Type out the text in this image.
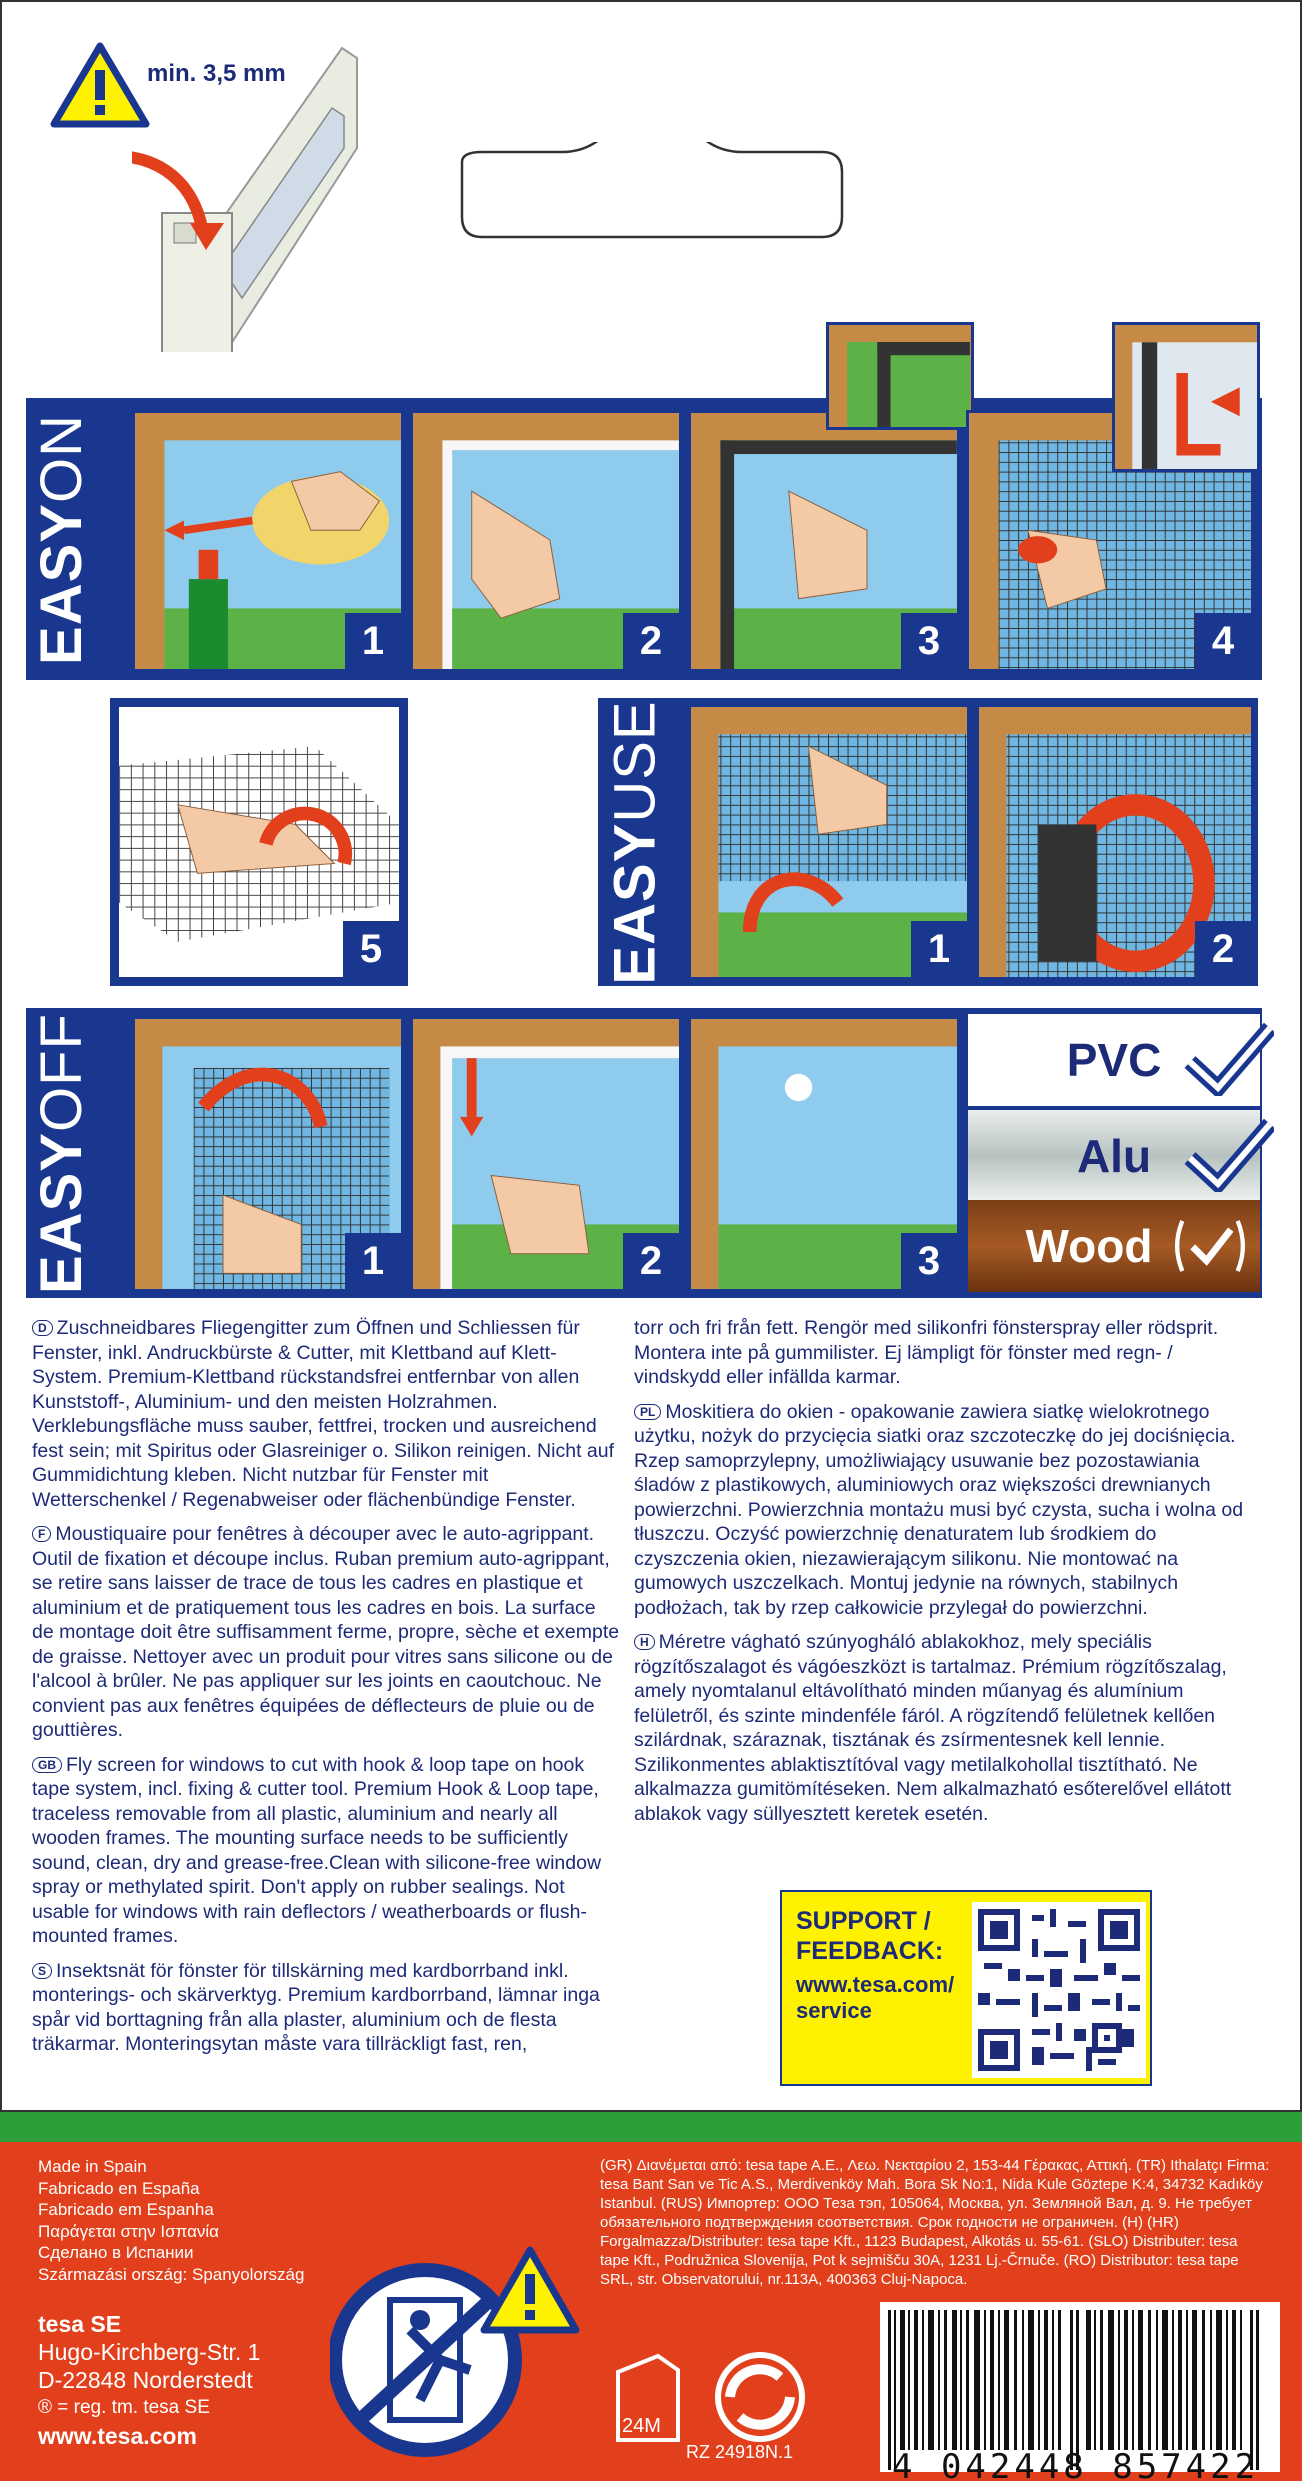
min. 3,5 mm
EASYON
1	2	3	4
5	EASYUSE
1	2
EASYOFF
1	2	3
PVC
Alu
Wood

D Zuschneidbares Fliegengitter zum Öffnen und Schliessen für Fenster, inkl. Andruckbürste & Cutter, mit Klettband auf Klett-System. Premium-Klettband rückstandsfrei entfernbar von allen Kunststoff-, Aluminium- und den meisten Holzrahmen. Verklebungsfläche muss sauber, fettfrei, trocken und ausreichend fest sein; mit Spiritus oder Glasreiniger o. Silikon reinigen. Nicht auf Gummidichtung kleben. Nicht nutzbar für Fenster mit Wetterschenkel / Regenabweiser oder flächenbündige Fenster.

F Moustiquaire pour fenêtres à découper avec le auto-agrippant. Outil de fixation et découpe inclus. Ruban premium auto-agrippant, se retire sans laisser de trace de tous les cadres en plastique et aluminium et de pratiquement tous les cadres en bois. La surface de montage doit être suffisamment ferme, propre, sèche et exempte de graisse. Nettoyer avec un produit pour vitres sans silicone ou de l'alcool à brûler. Ne pas appliquer sur les joints en caoutchouc. Ne convient pas aux fenêtres équipées de déflecteurs de pluie ou de gouttières.

GB Fly screen for windows to cut with hook & loop tape on hook tape system, incl. fixing & cutter tool. Premium Hook & Loop tape, traceless removable from all plastic, aluminium and nearly all wooden frames. The mounting surface needs to be sufficiently sound, clean, dry and grease-free.Clean with silicone-free window spray or methylated spirit. Don't apply on rubber sealings. Not usable for windows with rain deflectors / weatherboards or flush-mounted frames.

S Insektsnät för fönster för tillskärning med kardborrband inkl. monterings- och skärverktyg. Premium kardborrband, lämnar inga spår vid borttagning från alla plaster, aluminium och de flesta träkarmar. Monteringsytan måste vara tillräckligt fast, ren,

torr och fri från fett. Rengör med silikonfri fönsterspray eller rödsprit. Montera inte på gummilister. Ej lämpligt för fönster med regn- / vindskydd eller infällda karmar.

PL Moskitiera do okien - opakowanie zawiera siatkę wielokrotnego użytku, nożyk do przycięcia siatki oraz szczoteczkę do jej dociśnięcia. Rzep samoprzylepny, umożliwiający usuwanie bez pozostawiania śladów z plastikowych, aluminiowych oraz większości drewnianych powierzchni. Powierzchnia montażu musi być czysta, sucha i wolna od tłuszczu. Oczyść powierzchnię denaturatem lub środkiem do czyszczenia okien, niezawierającym silikonu. Nie montować na gumowych uszczelkach. Montuj jedynie na równych, stabilnych podłożach, tak by rzep całkowicie przylegał do powierzchni.

H Méretre vágható szúnyogháló ablakokhoz, mely speciális rögzítőszalagot és vágóeszközt is tartalmaz. Prémium rögzítőszalag, amely nyomtalanul eltávolítható minden műanyag és alumínium felületről, és szinte mindenféle fáról. A rögzítendő felületnek kellően szilárdnak, száraznak, tisztának és zsírmentesnek kell lennie. Szilikonmentes ablaktisztítóval vagy metilalkohollal tisztítható. Ne alkalmazza gumitömítéseken. Nem alkalmazható esőterelővel ellátott ablakok vagy süllyesztett keretek esetén.

SUPPORT /
FEEDBACK:
www.tesa.com/
service
Made in Spain
Fabricado en España
Fabricado em Espanha
Παράγεται στην Ισπανία
Сделано в Испании
Származási ország: Spanyolország
(GR) Διανέμεται από: tesa tape A.E., Λεω. Νεκταρίου 2, 153-44 Γέρακας, Αττική. (TR) Ithalatçı Firma: tesa Bant San ve Tic A.S., Merdivenköy Mah. Bora Sk No:1, Nida Kule Göztepe K:4, 34732 Kadıköy Istanbul. (RUS) Импортер: ООО Теза тэп, 105064, Москва, ул. Земляной Вал, д. 9. Не требует обязательного подтверждения соответствия. Срок годности не ограничен. (H) (HR) Forgalmazza/Distributer: tesa tape Kft., 1123 Budapest, Alkotás u. 55-61. (SLO) Distributer: tesa tape Kft., Podružnica Slovenija, Pot k sejmišču 30A, 1231 Lj.-Črnuče. (RO) Distributor: tesa tape SRL, str. Observatorului, nr.113A, 400363 Cluj-Napoca.
tesa SE
Hugo-Kirchberg-Str. 1
D-22848 Norderstedt
® = reg. tm. tesa SE
www.tesa.com	24M
RZ 24918N.1	4 042448 857422
